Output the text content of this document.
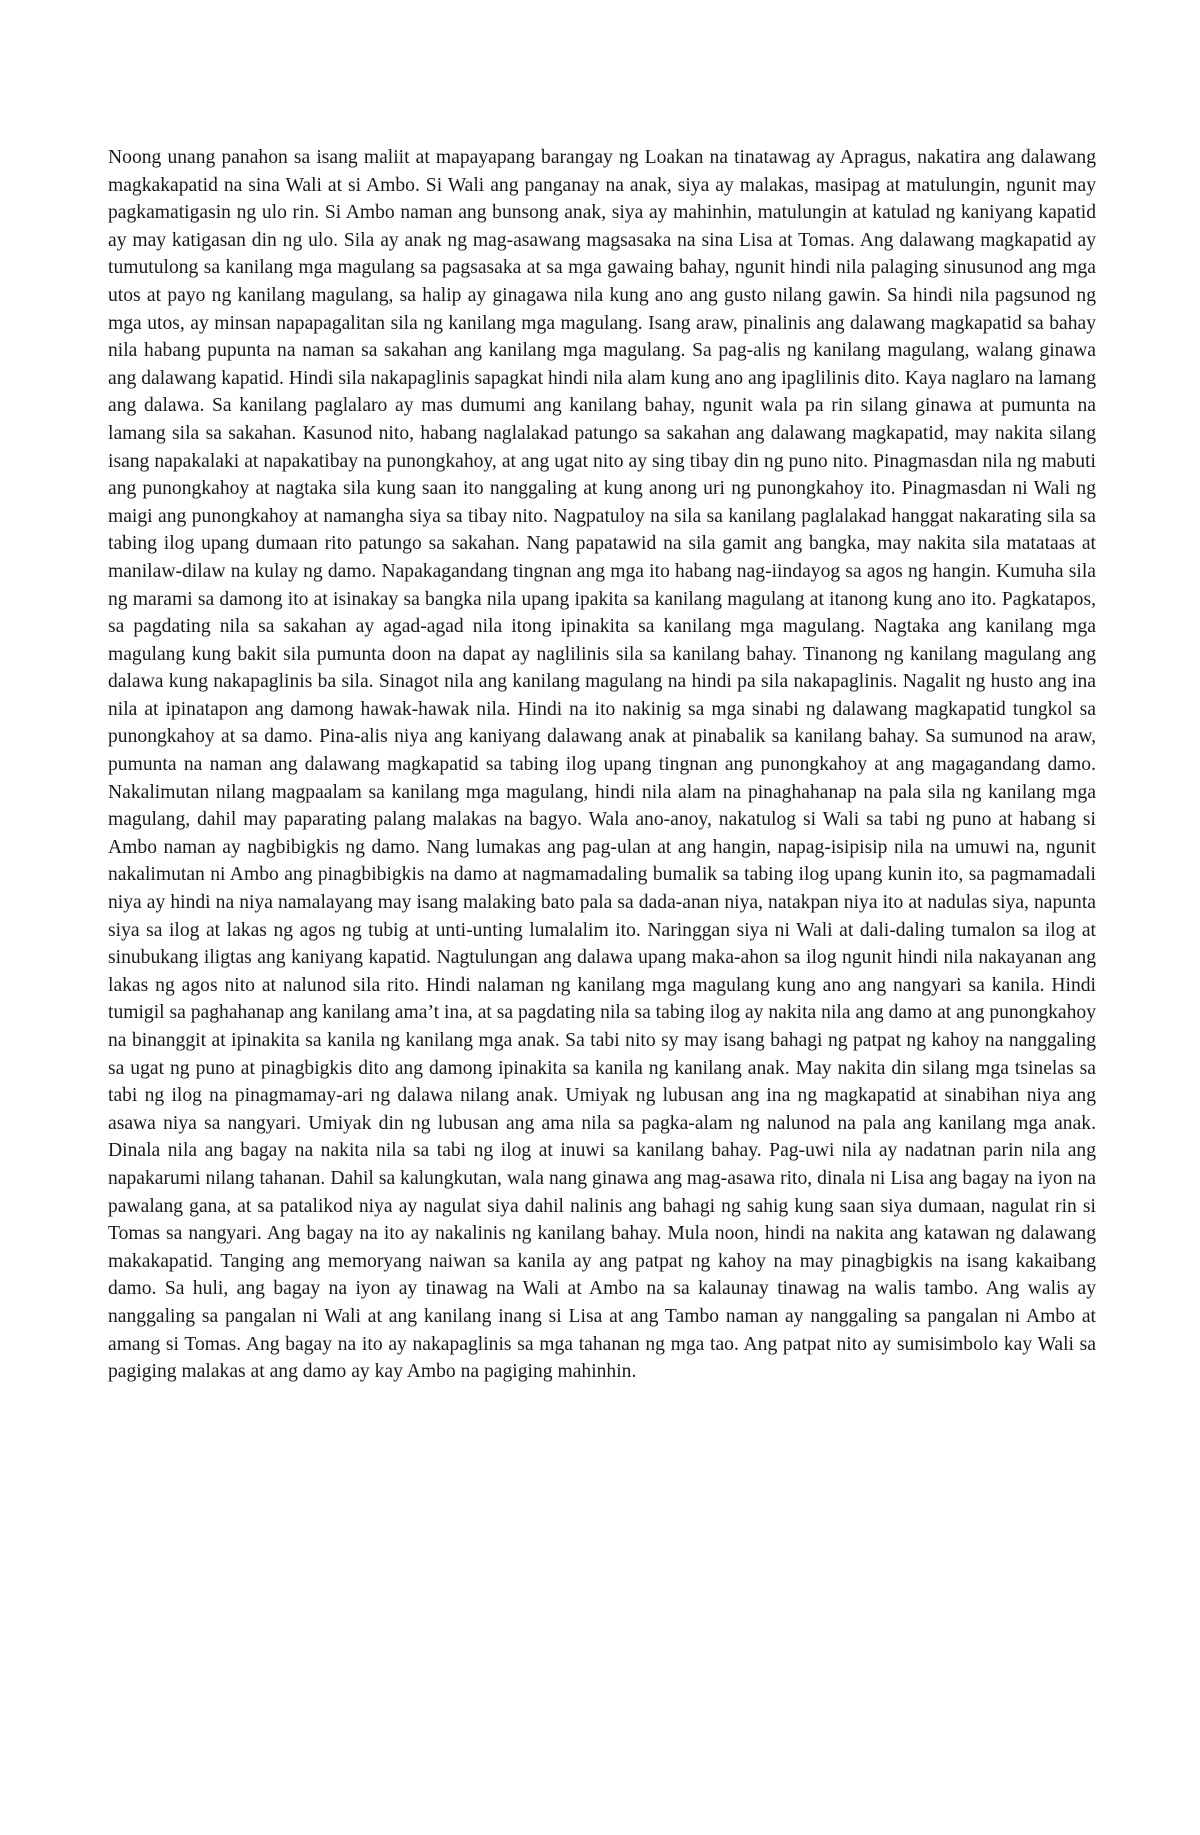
Noong unang panahon sa isang maliit at mapayapang barangay ng Loakan na tinatawag ay Apragus, nakatira ang dalawang magkakapatid na sina Wali at si Ambo. Si Wali ang panganay na anak, siya ay malakas, masipag at matulungin, ngunit may pagkamatigasin ng ulo rin. Si Ambo naman ang bunsong anak, siya ay mahinhin, matulungin at katulad ng kaniyang kapatid ay may katigasan din ng ulo. Sila ay anak ng mag-asawang magsasaka na sina Lisa at Tomas. Ang dalawang magkapatid ay tumutulong sa kanilang mga magulang sa pagsasaka at sa mga gawaing bahay, ngunit hindi nila palaging sinusunod ang mga utos at payo ng kanilang magulang, sa halip ay ginagawa nila kung ano ang gusto nilang gawin. Sa hindi nila pagsunod ng mga utos, ay minsan napapagalitan sila ng kanilang mga magulang. Isang araw, pinalinis ang dalawang magkapatid sa bahay nila habang pupunta na naman sa sakahan ang kanilang mga magulang. Sa pag-alis ng kanilang magulang, walang ginawa ang dalawang kapatid. Hindi sila nakapaglinis sapagkat hindi nila alam kung ano ang ipaglilinis dito. Kaya naglaro na lamang ang dalawa. Sa kanilang paglalaro ay mas dumumi ang kanilang bahay, ngunit wala pa rin silang ginawa at pumunta na lamang sila sa sakahan. Kasunod nito, habang naglalakad patungo sa sakahan ang dalawang magkapatid, may nakita silang isang napakalaki at napakatibay na punongkahoy, at ang ugat nito ay sing tibay din ng puno nito. Pinagmasdan nila ng mabuti ang punongkahoy at nagtaka sila kung saan ito nanggaling at kung anong uri ng punongkahoy ito. Pinagmasdan ni Wali ng maigi ang punongkahoy at namangha siya sa tibay nito. Nagpatuloy na sila sa kanilang paglalakad hanggat nakarating sila sa tabing ilog upang dumaan rito patungo sa sakahan. Nang papatawid na sila gamit ang bangka, may nakita sila matataas at manilaw-dilaw na kulay ng damo. Napakagandang tingnan ang mga ito habang nag-iindayog sa agos ng hangin. Kumuha sila ng marami sa damong ito at isinakay sa bangka nila upang ipakita sa kanilang magulang at itanong kung ano ito. Pagkatapos, sa pagdating nila sa sakahan ay agad-agad nila itong ipinakita sa kanilang mga magulang. Nagtaka ang kanilang mga magulang kung bakit sila pumunta doon na dapat ay naglilinis sila sa kanilang bahay. Tinanong ng kanilang magulang ang dalawa kung nakapaglinis ba sila. Sinagot nila ang kanilang magulang na hindi pa sila nakapaglinis. Nagalit ng husto ang ina nila at ipinatapon ang damong hawak-hawak nila. Hindi na ito nakinig sa mga sinabi ng dalawang magkapatid tungkol sa punongkahoy at sa damo. Pina-alis niya ang kaniyang dalawang anak at pinabalik sa kanilang bahay. Sa sumunod na araw, pumunta na naman ang dalawang magkapatid sa tabing ilog upang tingnan ang punongkahoy at ang magagandang damo. Nakalimutan nilang magpaalam sa kanilang mga magulang, hindi nila alam na pinaghahanap na pala sila ng kanilang mga magulang, dahil may paparating palang malakas na bagyo. Wala ano-anoy, nakatulog si Wali sa tabi ng puno at habang si Ambo naman ay nagbibigkis ng damo. Nang lumakas ang pag-ulan at ang hangin, napag-isipisip nila na umuwi na, ngunit nakalimutan ni Ambo ang pinagbibigkis na damo at nagmamadaling bumalik sa tabing ilog upang kunin ito, sa pagmamadali niya ay hindi na niya namalayang may isang malaking bato pala sa dada-anan niya, natakpan niya ito at nadulas siya, napunta siya sa ilog at lakas ng agos ng tubig at unti-unting lumalalim ito. Naringgan siya ni Wali at dali-daling tumalon sa ilog at sinubukang iligtas ang kaniyang kapatid. Nagtulungan ang dalawa upang maka-ahon sa ilog ngunit hindi nila nakayanan ang lakas ng agos nito at nalunod sila rito. Hindi nalaman ng kanilang mga magulang kung ano ang nangyari sa kanila. Hindi tumigil sa paghahanap ang kanilang ama’t ina, at sa pagdating nila sa tabing ilog ay nakita nila ang damo at ang punongkahoy na binanggit at ipinakita sa kanila ng kanilang mga anak. Sa tabi nito sy may isang bahagi ng patpat ng kahoy na nanggaling sa ugat ng puno at pinagbigkis dito ang damong ipinakita sa kanila ng kanilang anak. May nakita din silang mga tsinelas sa tabi ng ilog na pinagmamay-ari ng dalawa nilang anak. Umiyak ng lubusan ang ina ng magkapatid at sinabihan niya ang asawa niya sa nangyari. Umiyak din ng lubusan ang ama nila sa pagka-alam ng nalunod na pala ang kanilang mga anak. Dinala nila ang bagay na nakita nila sa tabi ng ilog at inuwi sa kanilang bahay. Pag-uwi nila ay nadatnan parin nila ang napakarumi nilang tahanan. Dahil sa kalungkutan, wala nang ginawa ang mag-asawa rito, dinala ni Lisa ang bagay na iyon na pawalang gana, at sa patalikod niya ay nagulat siya dahil nalinis ang bahagi ng sahig kung saan siya dumaan, nagulat rin si Tomas sa nangyari. Ang bagay na ito ay nakalinis ng kanilang bahay. Mula noon, hindi na nakita ang katawan ng dalawang makakapatid. Tanging ang memoryang naiwan sa kanila ay ang patpat ng kahoy na may pinagbigkis na isang kakaibang damo. Sa huli, ang bagay na iyon ay tinawag na Wali at Ambo na sa kalaunay tinawag na walis tambo. Ang walis ay nanggaling sa pangalan ni Wali at ang kanilang inang si Lisa at ang Tambo naman ay nanggaling sa pangalan ni Ambo at amang si Tomas. Ang bagay na ito ay nakapaglinis sa mga tahanan ng mga tao. Ang patpat nito ay sumisimbolo kay Wali sa pagiging malakas at ang damo ay kay Ambo na pagiging mahinhin.
